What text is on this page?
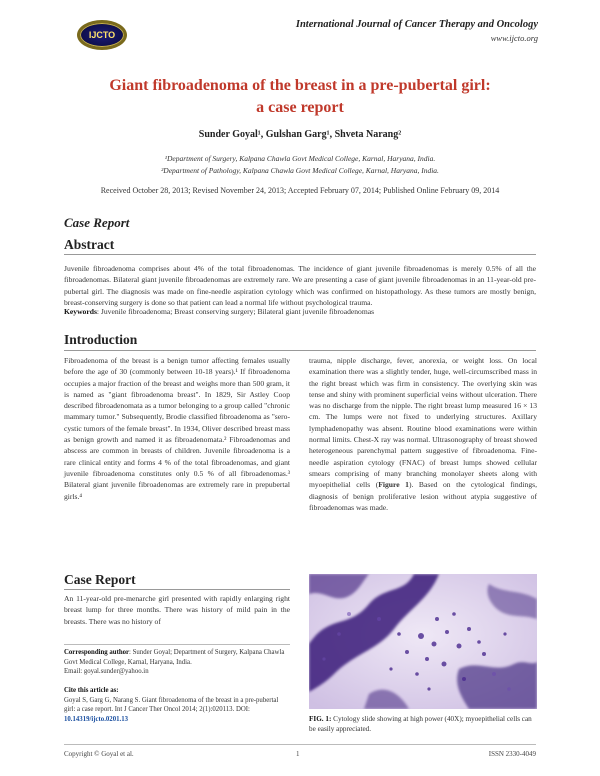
IJCTO
International Journal of Cancer Therapy and Oncology
www.ijcto.org
Giant fibroadenoma of the breast in a pre-pubertal girl:
a case report
Sunder Goyal¹, Gulshan Garg¹, Shveta Narang²
¹Department of Surgery, Kalpana Chawla Govt Medical College, Karnal, Haryana, India.
²Department of Pathology, Kalpana Chawla Govt Medical College, Karnal, Haryana, India.
Received October 28, 2013; Revised November 24, 2013; Accepted February 07, 2014; Published Online February 09, 2014
Case Report
Abstract
Juvenile fibroadenoma comprises about 4% of the total fibroadenomas. The incidence of giant juvenile fibroadenomas is merely 0.5% of all the fibroadenomas. Bilateral giant juvenile fibroadenomas are extremely rare. We are presenting a case of giant juvenile fibroadenomas in an 11-year-old pre-pubertal girl. The diagnosis was made on fine-needle aspiration cytology which was confirmed on histopathology. As these tumors are mostly benign, breast-conserving surgery is done so that patient can lead a normal life without psychological trauma.
Keywords: Juvenile fibroadenoma; Breast conserving surgery; Bilateral giant juvenile fibroadenomas
Introduction
Fibroadenoma of the breast is a benign tumor affecting females usually before the age of 30 (commonly between 10-18 years).¹ If fibroadenoma occupies a major fraction of the breast and weighs more than 500 gram, it is named as "giant fibroadenoma breast". In 1829, Sir Astley Coop described fibroadenomata as a tumor belonging to a group called "chronic mammary tumor." Subsequently, Brodie classified fibroadenoma as "sero-cystic tumors of the female breast". In 1934, Oliver described breast mass as benign growth and named it as fibroadenomata.² Fibroadenomas and abscess are common in breasts of children. Juvenile fibroadenoma is a rare clinical entity and forms 4 % of the total fibroadenomas, and giant juvenile fibroadenoma constitutes only 0.5 % of all fibroadenomas.³ Bilateral giant juvenile fibroadenomas are extremely rare in prepubertal girls.⁴
Case Report
An 11-year-old pre-menarche girl presented with rapidly enlarging right breast lump for three months. There was history of mild pain in the breasts. There was no history of
trauma, nipple discharge, fever, anorexia, or weight loss. On local examination there was a slightly tender, huge, well-circumscribed mass in the right breast which was firm in consistency. The overlying skin was tense and shiny with prominent superficial veins without ulceration. There was no discharge from the nipple. The right breast lump measured 16 × 13 cm. The lumps were not fixed to underlying structures. Axillary lymphadenopathy was absent. Routine blood examinations were within normal limits. Chest-X ray was normal. Ultrasonography of breast showed heterogeneous parenchymal pattern suggestive of fibroadenoma. Fine-needle aspiration cytology (FNAC) of breast lumps showed cellular smears comprising of many branching monolayer sheets along with myoepithelial cells (Figure 1). Based on the cytological findings, diagnosis of benign proliferative lesion without atypia suggestive of fibroadenomas was made.
FIG. 1: Cytology slide showing at high power (40X); myoepithelial cells can be easily appreciated.
Corresponding author: Sunder Goyal; Department of Surgery, Kalpana Chawla Govt Medical College, Karnal, Haryana, India.
Email: goyal.sunder@yahoo.in
Cite this article as:
Goyal S, Garg G, Narang S. Giant fibroadenoma of the breast in a pre-pubertal girl: a case report. Int J Cancer Ther Oncol 2014; 2(1):020113. DOI: 10.14319/ijcto.0201.13
Copyright © Goyal et al.	1	ISSN 2330-4049
